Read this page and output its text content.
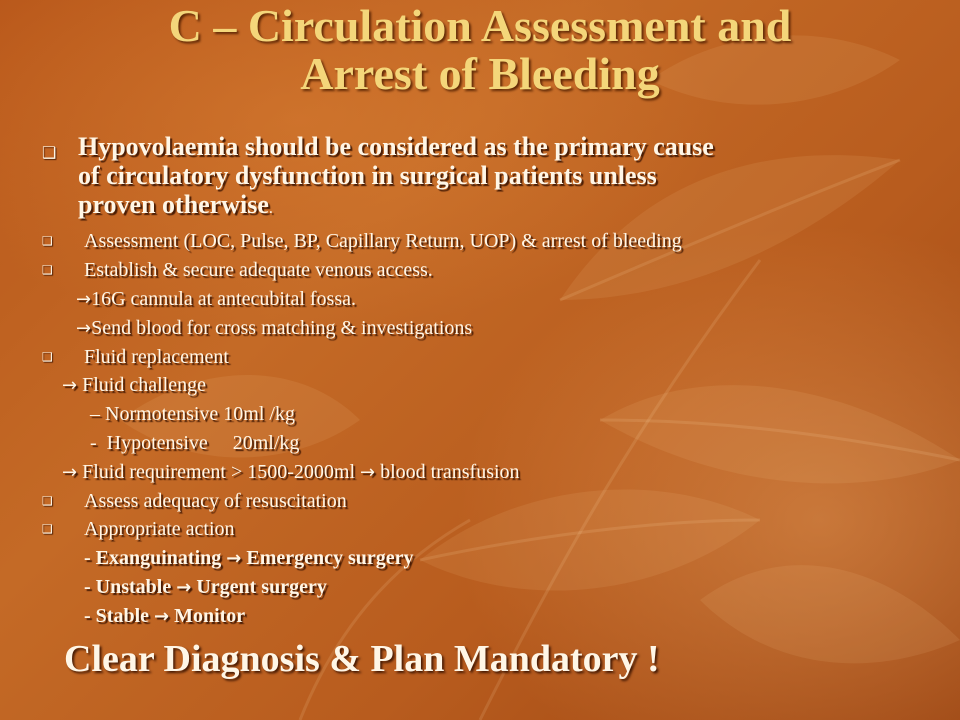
C – Circulation Assessment and
Arrest of Bleeding
❑ Hypovolaemia should be considered as the primary cause
of circulatory dysfunction in surgical patients unless
proven otherwise.
❑ Assessment (LOC, Pulse, BP, Capillary Return, UOP) & arrest of bleeding
❑ Establish & secure adequate venous access.
→16G cannula at antecubital fossa.
→Send blood for cross matching & investigations
❑ Fluid replacement
→ Fluid challenge
– Normotensive 10ml /kg
-  Hypotensive     20ml/kg
→ Fluid requirement > 1500-2000ml → blood transfusion
❑ Assess adequacy of resuscitation
❑ Appropriate action
- Exanguinating → Emergency surgery
- Unstable → Urgent surgery
- Stable → Monitor
Clear Diagnosis & Plan Mandatory !
